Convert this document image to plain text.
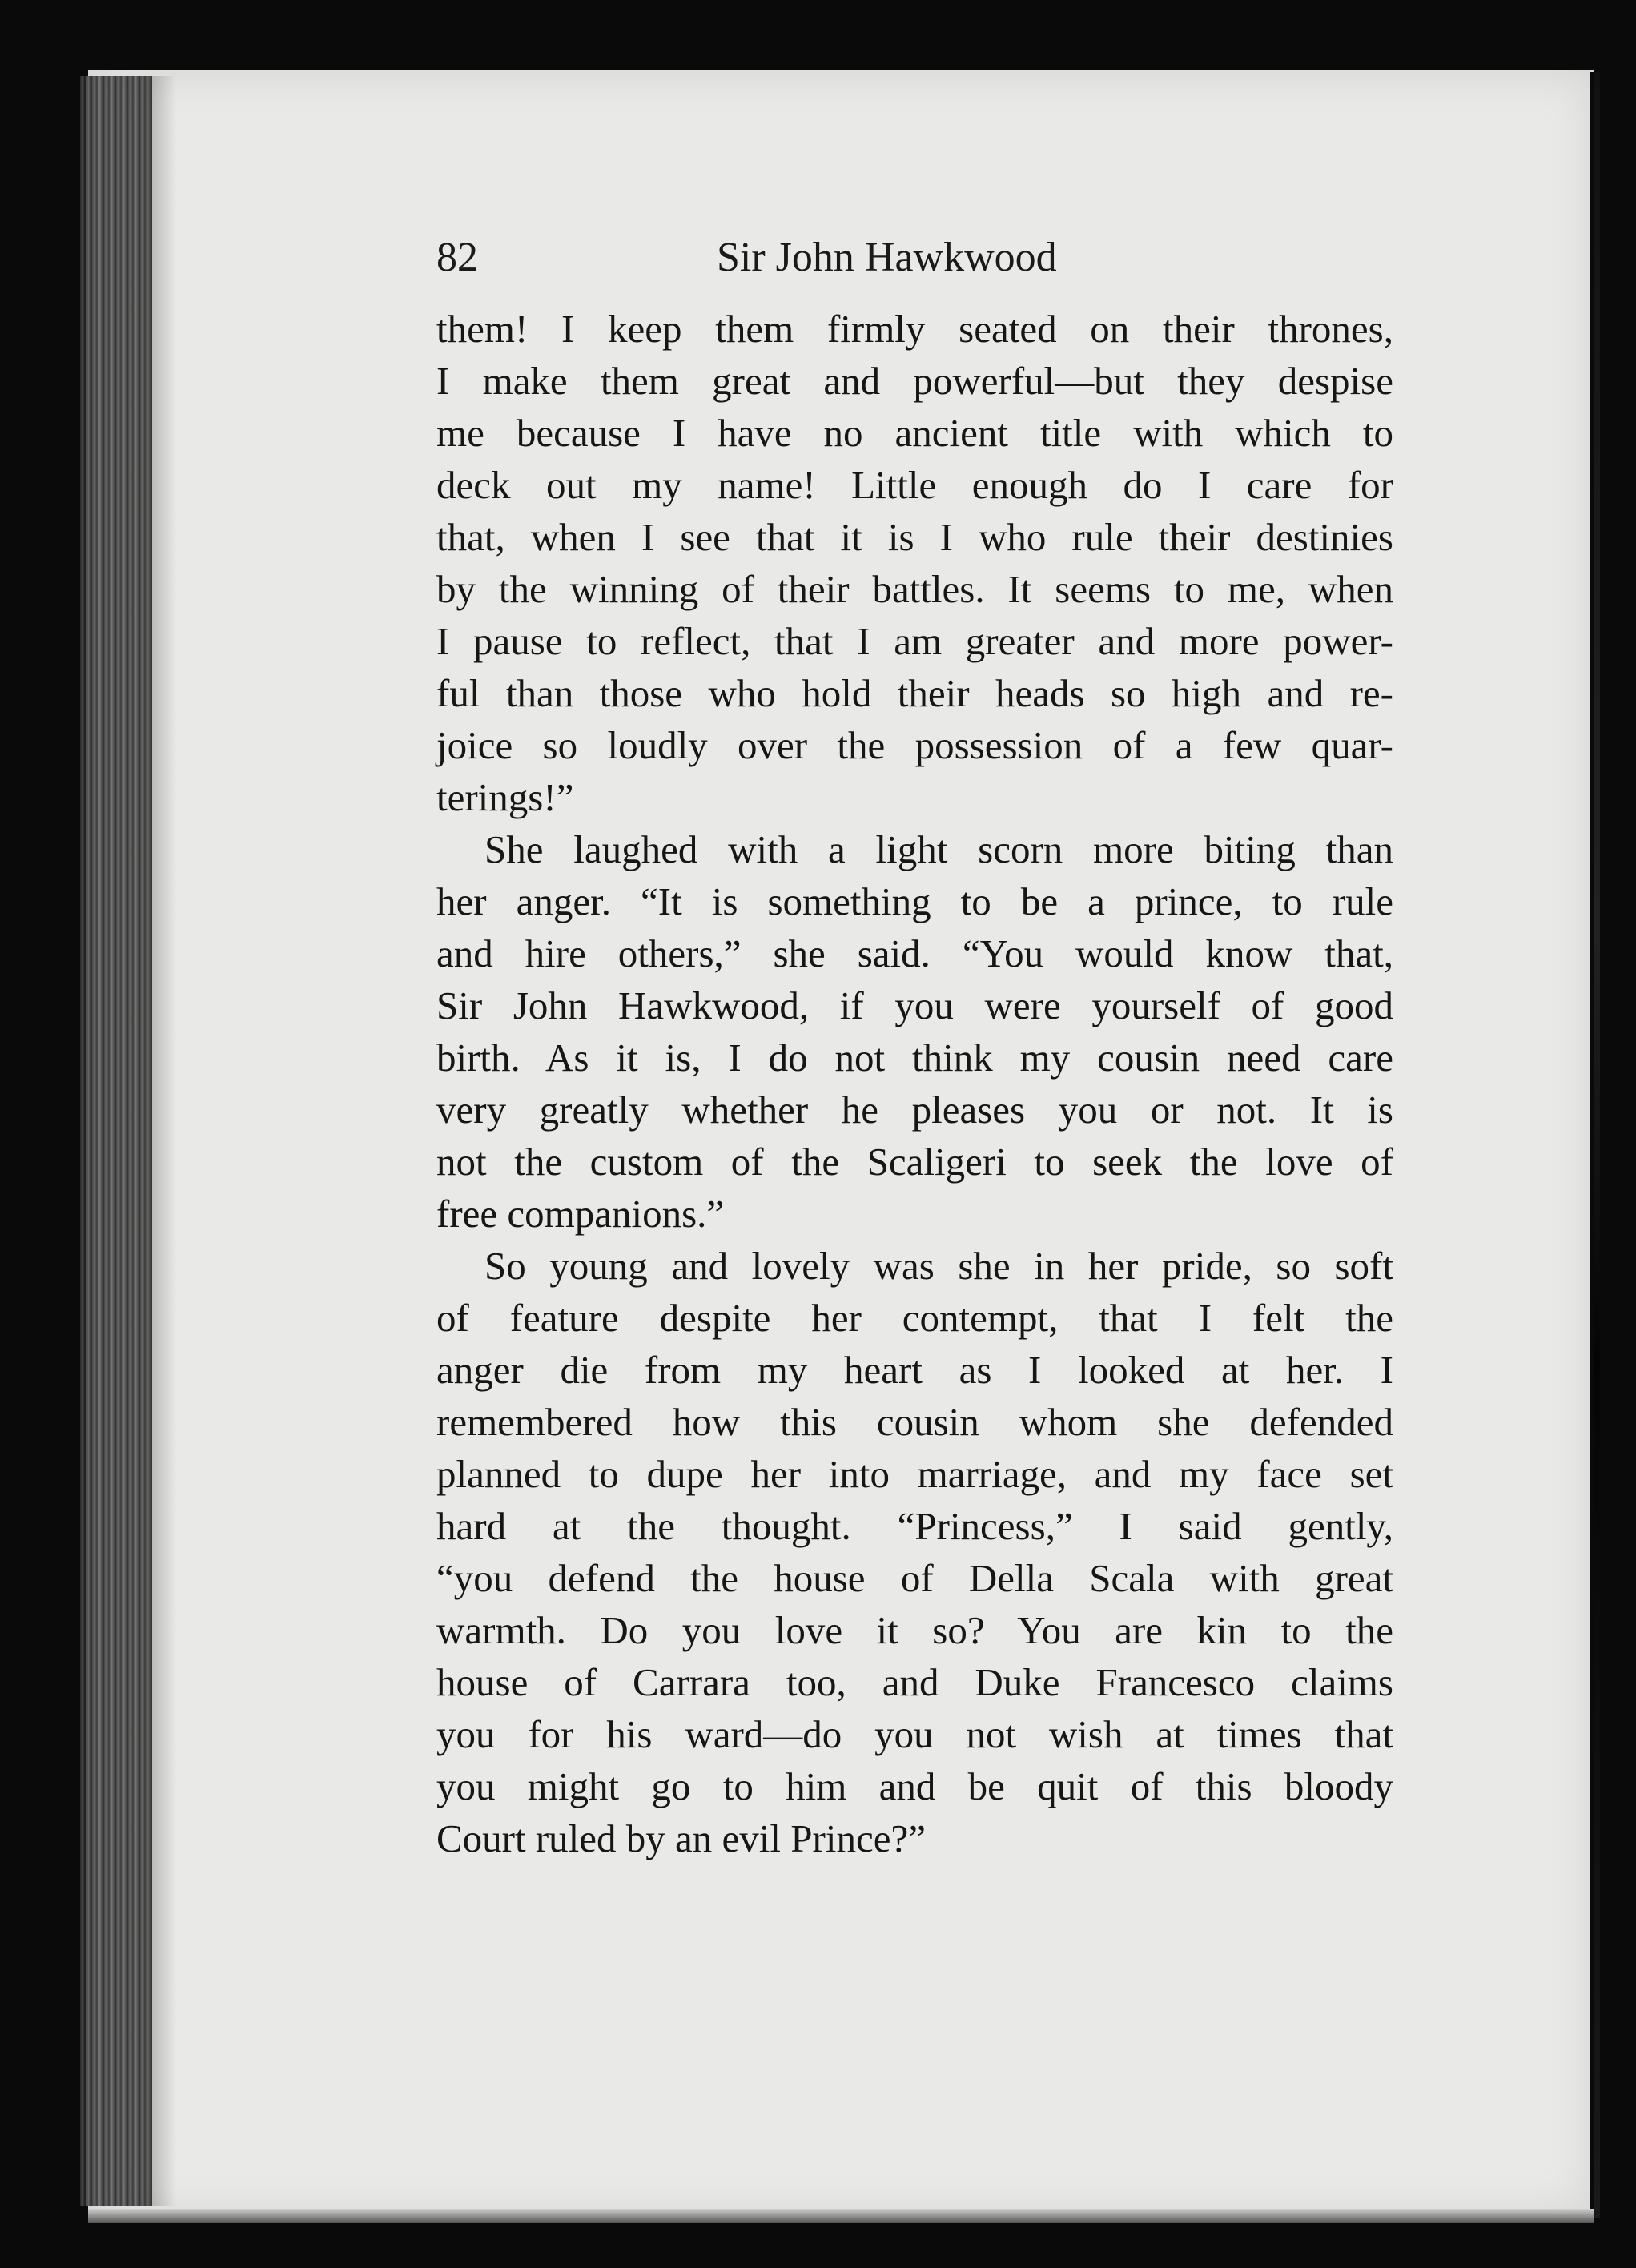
82	Sir John Hawkwood

them! I keep them firmly seated on their thrones,
I make them great and powerful—but they despise
me because I have no ancient title with which to
deck out my name! Little enough do I care for
that, when I see that it is I who rule their destinies
by the winning of their battles. It seems to me, when
I pause to reflect, that I am greater and more power-
ful than those who hold their heads so high and re-
joice so loudly over the possession of a few quar-
terings!”

She laughed with a light scorn more biting than
her anger. “It is something to be a prince, to rule
and hire others,” she said. “You would know that,
Sir John Hawkwood, if you were yourself of good
birth. As it is, I do not think my cousin need care
very greatly whether he pleases you or not. It is
not the custom of the Scaligeri to seek the love of
free companions.”

So young and lovely was she in her pride, so soft
of feature despite her contempt, that I felt the
anger die from my heart as I looked at her. I
remembered how this cousin whom she defended
planned to dupe her into marriage, and my face set
hard at the thought. “Princess,” I said gently,
“you defend the house of Della Scala with great
warmth. Do you love it so? You are kin to the
house of Carrara too, and Duke Francesco claims
you for his ward—do you not wish at times that
you might go to him and be quit of this bloody
Court ruled by an evil Prince?”
